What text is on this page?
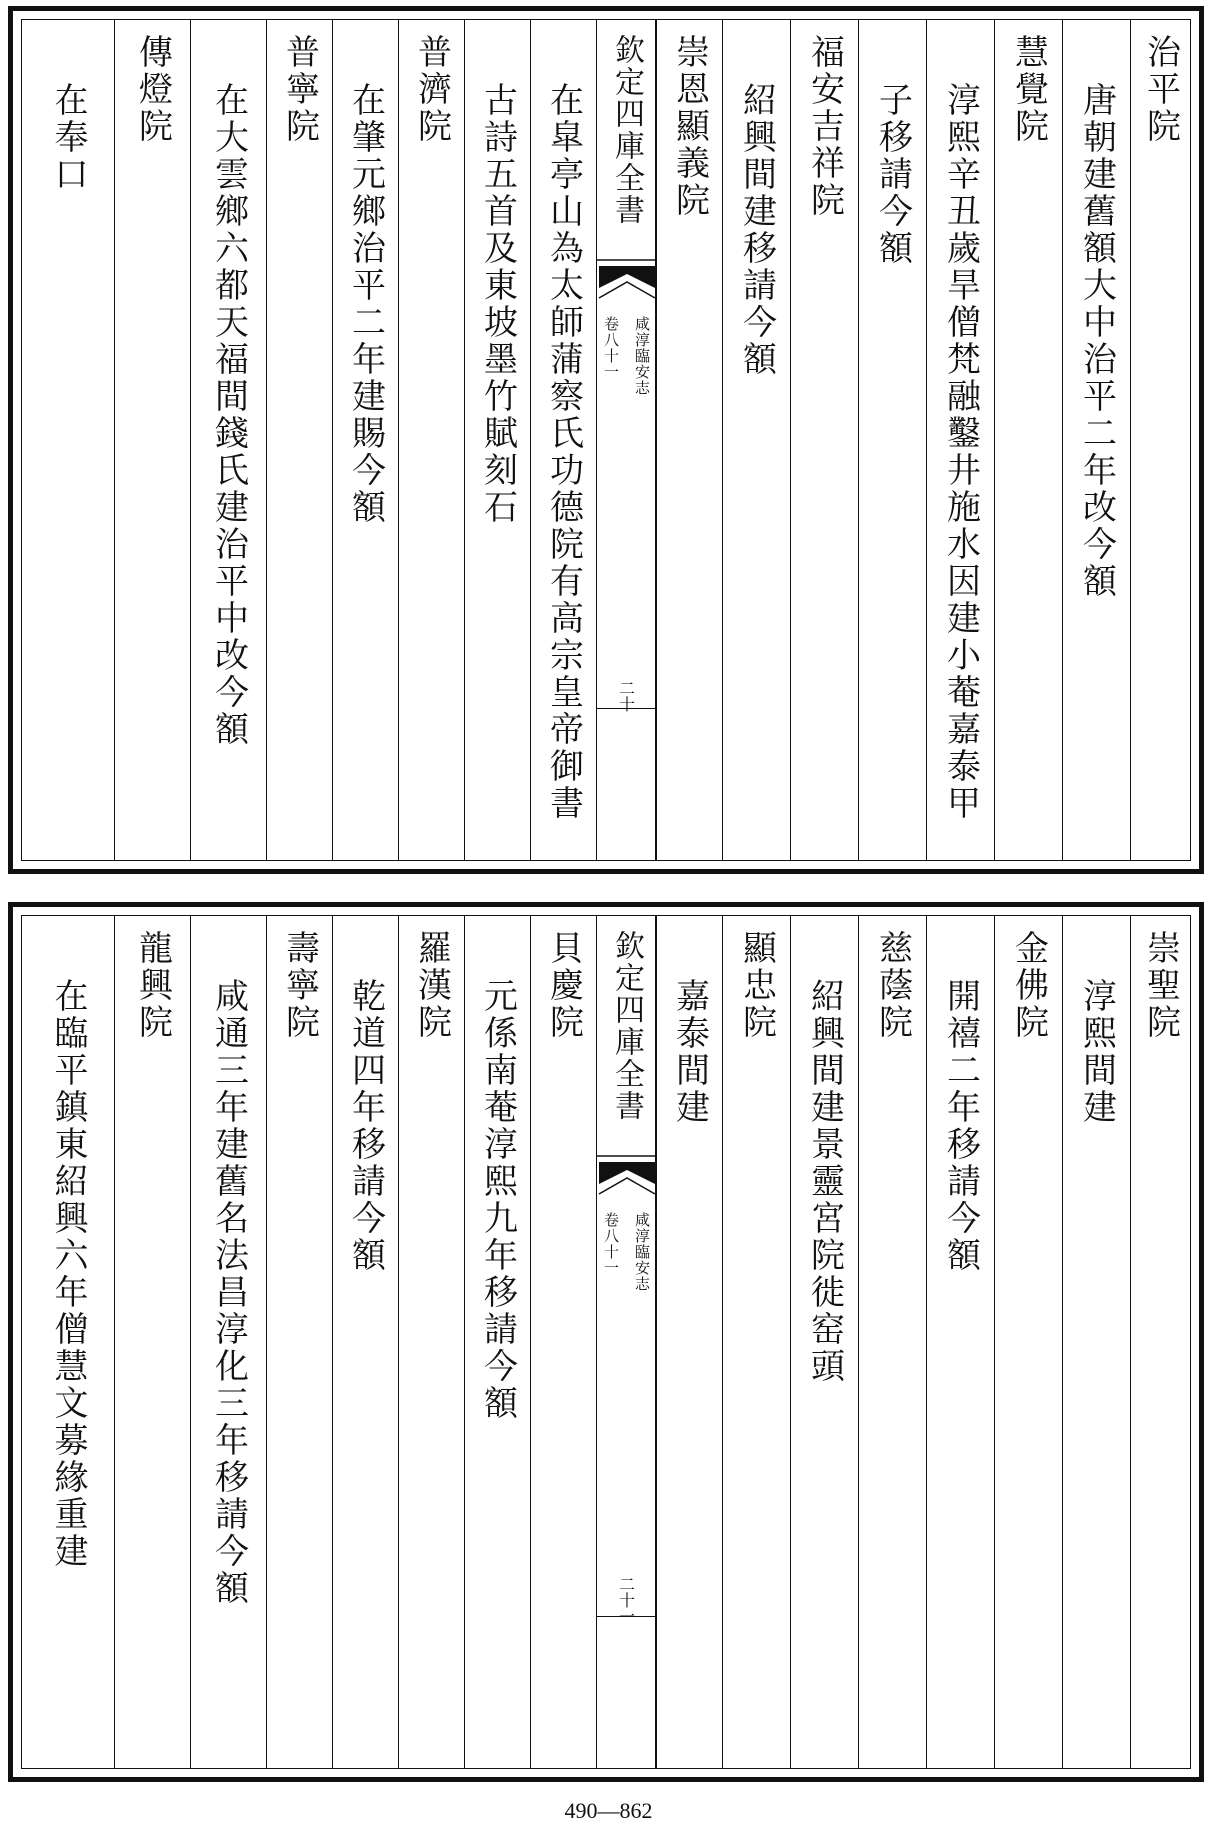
治平院
唐朝建舊額大中治平二年改今額
慧覺院
淳熙辛丑歲旱僧梵融鑿井施水因建小菴嘉泰甲
子移請今額
福安吉祥院
紹興間建移請今額
崇恩顯義院
欽定四庫全書
咸淳臨安志
卷八十一
二十
在皐亭山為太師蒲察氏功德院有高宗皇帝御書
古詩五首及東坡墨竹賦刻石
普濟院
在肇元鄉治平二年建賜今額
普寧院
在大雲鄉六都天福間錢氏建治平中改今額
傳燈院
在奉口
崇聖院
淳熙間建
金佛院
開禧二年移請今額
慈蔭院
紹興間建景靈宮院徙窑頭
顯忠院
嘉泰間建
欽定四庫全書
咸淳臨安志
卷八十一
二十一
貝慶院
元係南菴淳熙九年移請今額
羅漢院
乾道四年移請今額
壽寧院
咸通三年建舊名法昌淳化三年移請今額
龍興院
在臨平鎮東紹興六年僧慧文募緣重建
490—862
